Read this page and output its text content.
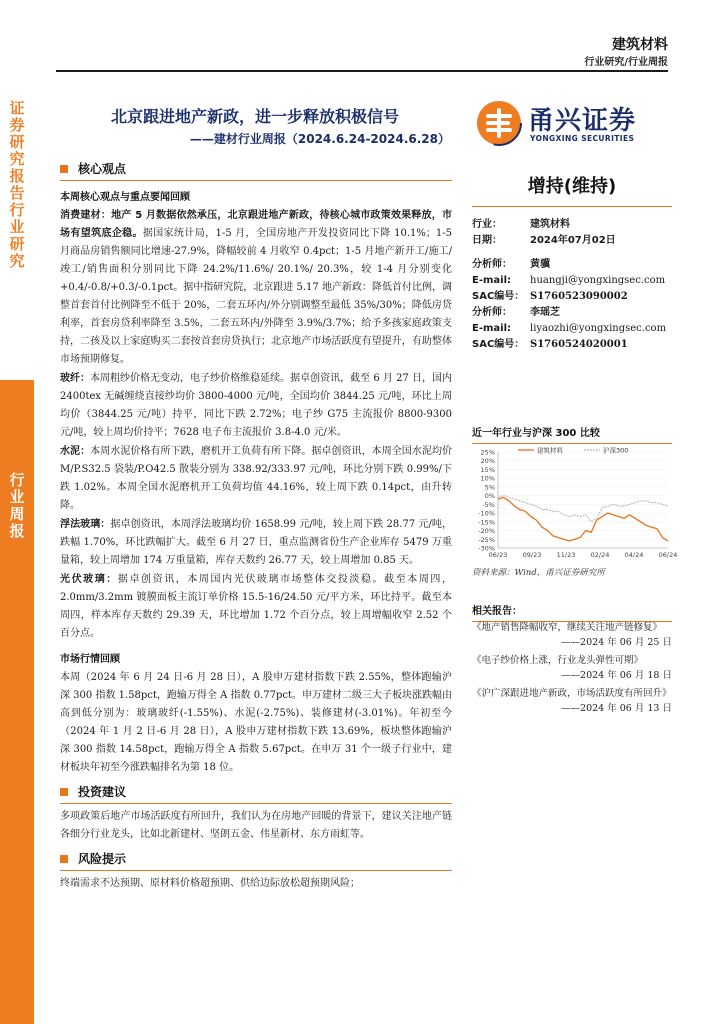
建筑材料
行业研究/行业周报
证券研究报告 行业研究
行业周报
北京跟进地产新政，进一步释放积极信号
——建材行业周报（2024.6.24-2024.6.28）
甬兴证券
YONGXING SECURITIES
核心观点
本周核心观点与重点要闻回顾

消费建材：地产 5 月数据依然承压，北京跟进地产新政，待核心城市政策效果释放，市场有望筑底企稳。据国家统计局，1-5 月，全国房地产开发投资同比下降 10.1%；1-5 月商品房销售额同比增速-27.9%，降幅较前 4 月收窄 0.4pct；1-5 月地产新开工/施工/竣工/销售面积分别同比下降 24.2%/11.6%/ 20.1%/ 20.3%，较 1-4 月分别变化+0.4/-0.8/+0.3/-0.1pct。据中指研究院，北京跟进 5.17 地产新政：降低首付比例，调整首套首付比例降至不低于 20%，二套五环内/外分别调整至最低 35%/30%；降低房贷利率，首套房贷利率降至 3.5%，二套五环内/外降至 3.9%/3.7%；给予多孩家庭政策支持，二孩及以上家庭购买二套按首套房贷执行；北京地产市场活跃度有望提升，有助整体市场预期修复。

玻纤：本周粗纱价格无变动，电子纱价格维稳延续。据卓创资讯，截至 6 月 27 日，国内 2400tex 无碱缠绕直接纱均价 3800-4000 元/吨，全国均价 3844.25 元/吨，环比上周均价（3844.25 元/吨）持平，同比下跌 2.72%；电子纱 G75 主流报价 8800-9300 元/吨，较上周均价持平；7628 电子布主流报价 3.8-4.0 元/米。

水泥：本周水泥价格有所下跌，磨机开工负荷有所下降。据卓创资讯，本周全国水泥均价 M/P.S32.5 袋装/P.O42.5 散装分别为 338.92/333.97 元/吨，环比分别下跌 0.99%/下跌 1.02%。本周全国水泥磨机开工负荷均值 44.16%，较上周下跌 0.14pct，由升转降。

浮法玻璃：据卓创资讯，本周浮法玻璃均价 1658.99 元/吨，较上周下跌 28.77 元/吨，跌幅 1.70%，环比跌幅扩大。截至 6 月 27 日，重点监测省份生产企业库存 5479 万重量箱，较上周增加 174 万重量箱，库存天数约 26.77 天，较上周增加 0.85 天。

光伏玻璃：据卓创资讯，本周国内光伏玻璃市场整体交投淡稳。截至本周四，2.0mm/3.2mm 镀膜面板主流订单价格 15.5-16/24.50 元/平方米，环比持平。截至本周四，样本库存天数约 29.39 天，环比增加 1.72 个百分点，较上周增幅收窄 2.52 个百分点。

市场行情回顾

本周（2024 年 6 月 24 日-6 月 28 日），A 股申万建材指数下跌 2.55%，整体跑输沪深 300 指数 1.58pct，跑输万得全 A 指数 0.77pct。申万建材二级三大子板块涨跌幅由高到低分别为：玻璃玻纤(-1.55%)、水泥(-2.75%)、装修建材(-3.01%)。年初至今（2024 年 1 月 2 日-6 月 28 日），A 股申万建材指数下跌 13.69%，板块整体跑输沪深 300 指数 14.58pct，跑输万得全 A 指数 5.67pct。在申万 31 个一级子行业中，建材板块年初至今涨跌幅排名为第 18 位。

投资建议

多项政策后地产市场活跃度有所回升，我们认为在房地产回暖的背景下，建议关注地产链各细分行业龙头，比如北新建材、坚朗五金、伟星新材、东方雨虹等。

风险提示

终端需求不达预期、原材料价格超预期、供给边际放松超预期风险；

增持(维持)
行业：	建筑材料
日期：	2024年07月02日
分析师：	黄骥
E-mail:	huangji@yongxingsec.com
SAC编号： S1760523090002
分析师：	李瑶芝
E-mail:	liyaozhi@yongxingsec.com
SAC编号： S1760524020001
近一年行业与沪深 300 比较
25%
20%
15%
10%
5%
0%
-5%
-10%
-15%
-20%
-25%
-30%
06/23 09/23 11/23 02/24 04/24 06/24
建筑材料	沪深300
资料来源：Wind，甬兴证券研究所
相关报告：
《地产销售降幅收窄，继续关注地产链修复》
——2024 年 06 月 25 日
《电子纱价格上涨，行业龙头弹性可期》
——2024 年 06 月 18 日
《沪广深跟进地产新政，市场活跃度有所回升》
——2024 年 06 月 13 日
